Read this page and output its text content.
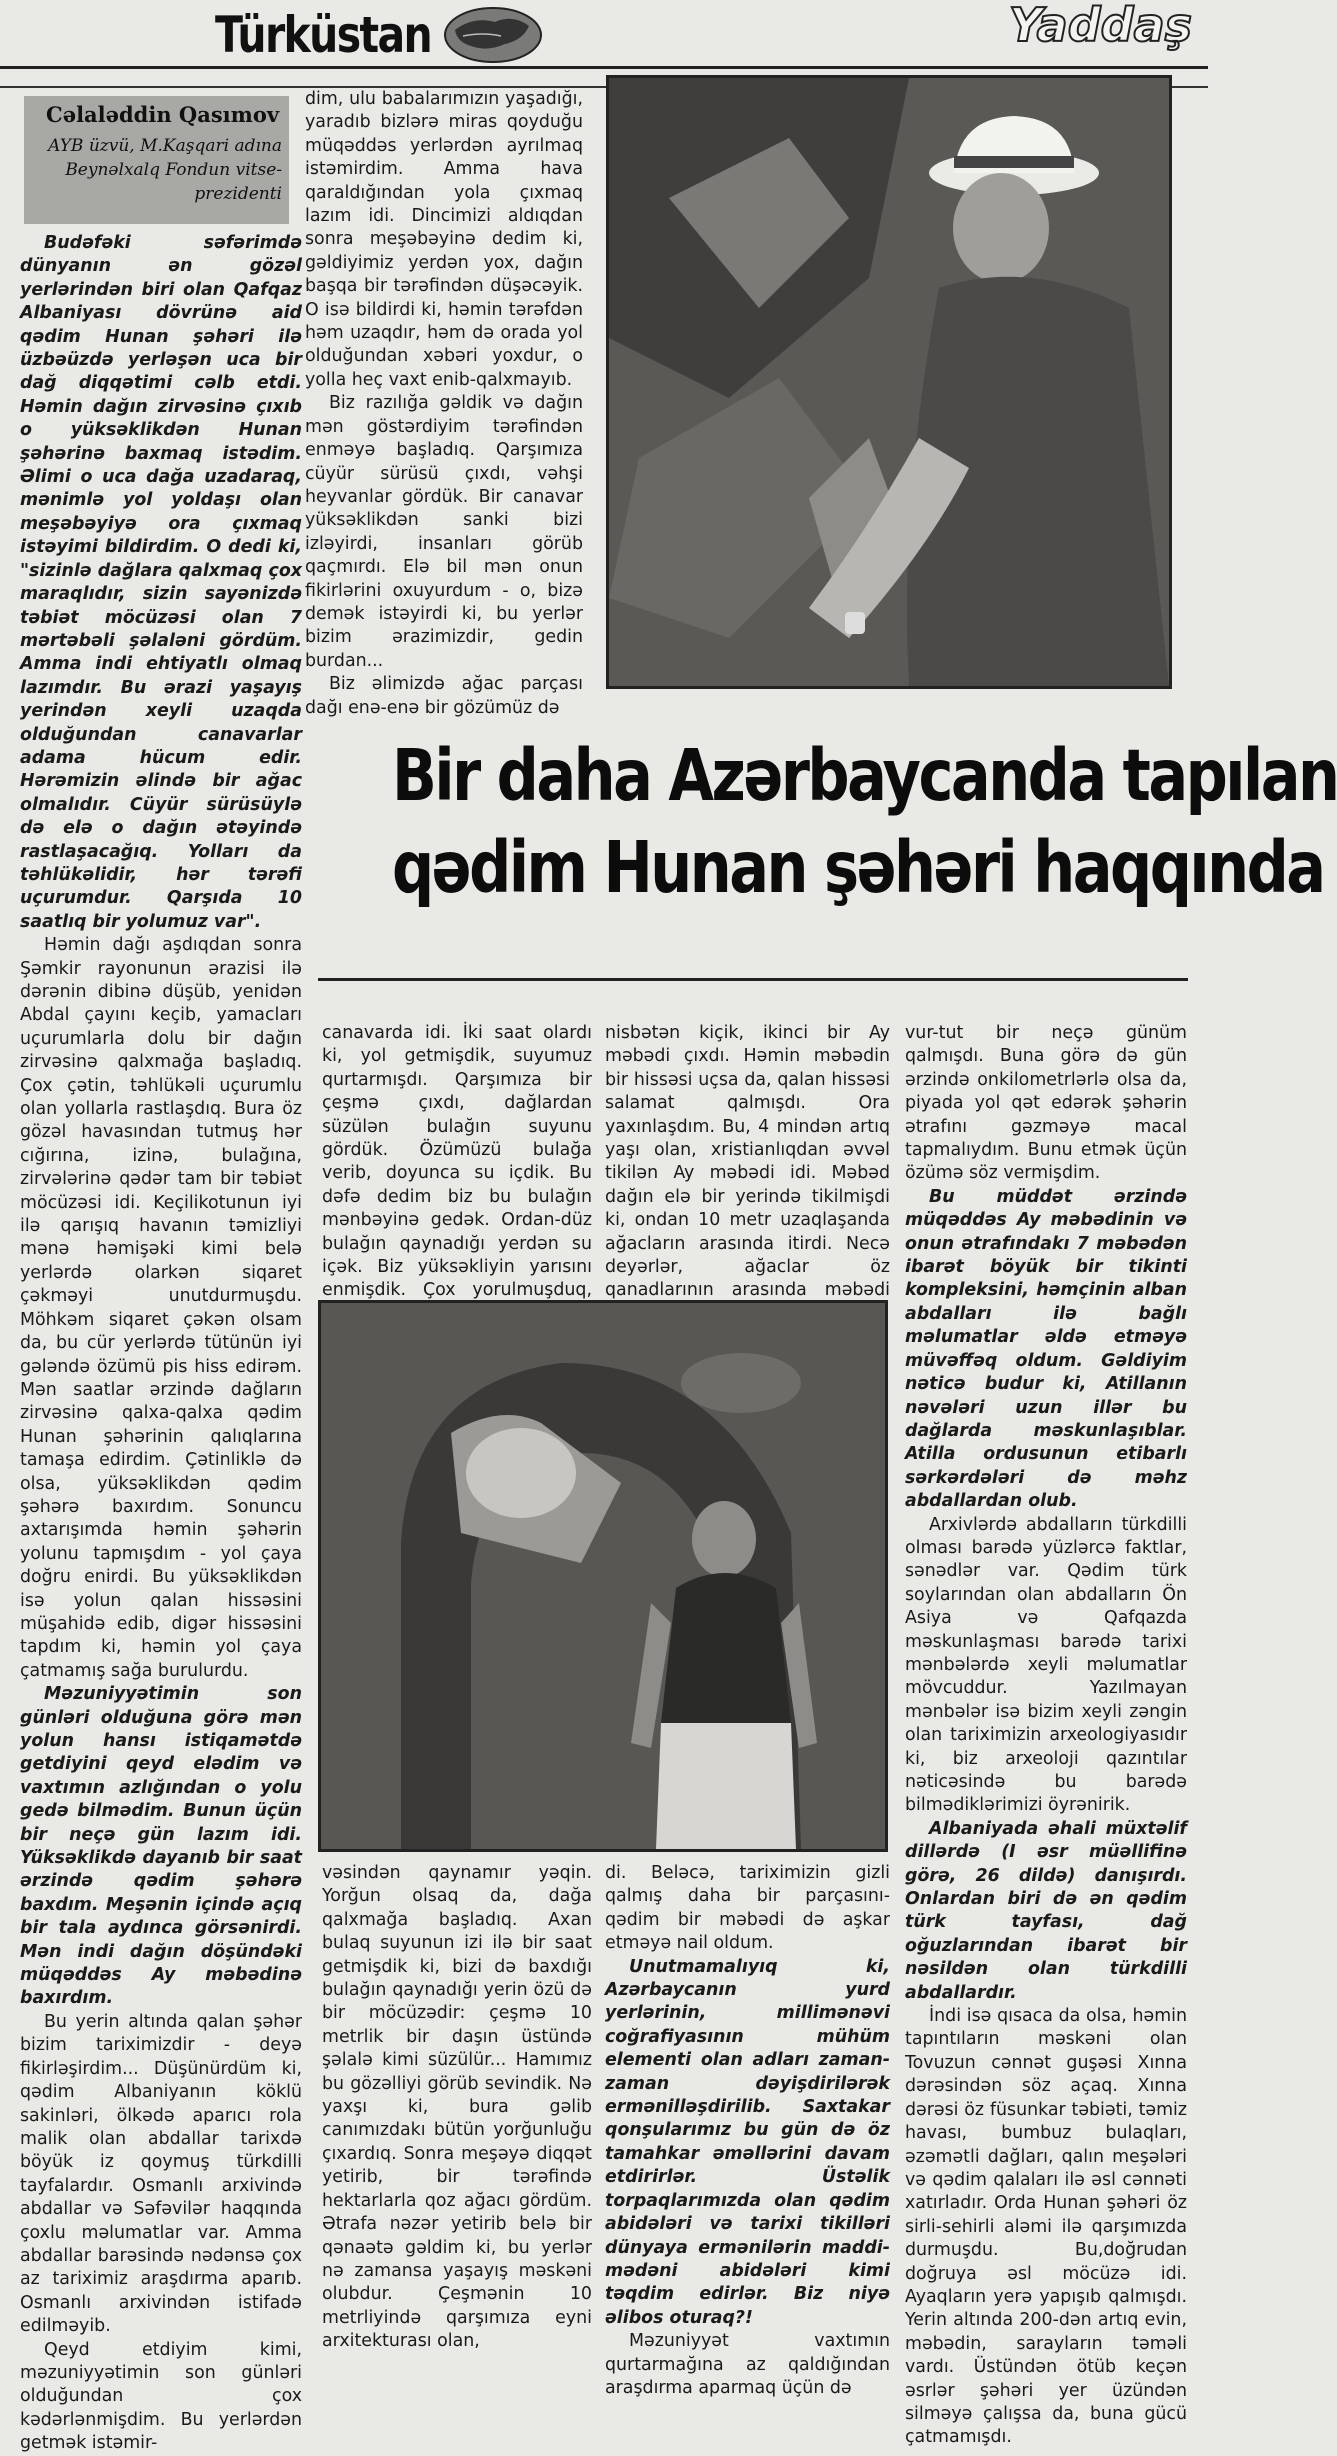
Türküstan	Yaddaş
Cəlaləddin Qasımov
AYB üzvü, M.Kaşqari adına Beynəlxalq Fondun vitse-prezidenti

Budəfəki səfərimdə dünyanın ən gözəl yerlərindən biri olan Qafqaz Albaniyası dövrünə aid qədim Hunan şəhəri ilə üzbəüzdə yerləşən uca bir dağ diqqətimi cəlb etdi. Həmin dağın zirvəsinə çıxıb o yüksəklikdən Hunan şəhərinə baxmaq istədim. Əlimi o uca dağa uzadaraq, mənimlə yol yoldaşı olan meşəbəyiyə ora çıxmaq istəyimi bildirdim. O dedi ki, "sizinlə dağlara qalxmaq çox maraqlıdır, sizin sayənizdə təbiət möcüzəsi olan 7 mərtəbəli şəlaləni gördüm. Amma indi ehtiyatlı olmaq lazımdır. Bu ərazi yaşayış yerindən xeyli uzaqda olduğundan canavarlar adama hücum edir. Hərəmizin əlində bir ağac olmalıdır. Cüyür sürüsüylə də elə o dağın ətəyində rastlaşacağıq. Yolları da təhlükəlidir, hər tərəfi uçurumdur. Qarşıda 10 saatlıq bir yolumuz var".

Həmin dağı aşdıqdan sonra Şəmkir rayonunun ərazisi ilə dərənin dibinə düşüb, yenidən Abdal çayını keçib, yamacları uçurumlarla dolu bir dağın zirvəsinə qalxmağa başladıq. Çox çətin, təhlükəli uçurumlu olan yollarla rastlaşdıq. Bura öz gözəl havasından tutmuş hər cığırına, izinə, bulağına, zirvələrinə qədər tam bir təbiət möcüzəsi idi. Keçilikotunun iyi ilə qarışıq havanın təmizliyi mənə həmişəki kimi belə yerlərdə olarkən siqaret çəkməyi unutdurmuşdu. Möhkəm siqaret çəkən olsam da, bu cür yerlərdə tütünün iyi gələndə özümü pis hiss edirəm. Mən saatlar ərzində dağların zirvəsinə qalxa-qalxa qədim Hunan şəhərinin qalıqlarına tamaşa edirdim. Çətinliklə də olsa, yüksəklikdən qədim şəhərə baxırdım. Sonuncu axtarışımda həmin şəhərin yolunu tapmışdım - yol çaya doğru enirdi. Bu yüksəklikdən isə yolun qalan hissəsini müşahidə edib, digər hissəsini tapdım ki, həmin yol çaya çatmamış sağa burulurdu.

Məzuniyyətimin son günləri olduğuna görə mən yolun hansı istiqamətdə getdiyini qeyd elədim və vaxtımın azlığından o yolu gedə bilmədim. Bunun üçün bir neçə gün lazım idi. Yüksəklikdə dayanıb bir saat ərzində qədim şəhərə baxdım. Meşənin içində açıq bir tala aydınca görsənirdi. Mən indi dağın döşündəki müqəddəs Ay məbədinə baxırdım.

Bu yerin altında qalan şəhər bizim tariximizdir - deyə fikirləşirdim... Düşünürdüm ki, qədim Albaniyanın köklü sakinləri, ölkədə aparıcı rola malik olan abdallar tarixdə böyük iz qoymuş türkdilli tayfalardır. Osmanlı arxivində abdallar və Səfəvilər haqqında çoxlu məlumatlar var. Amma abdallar barəsində nədənsə çox az tariximiz araşdırma aparıb. Osmanlı arxivindən istifadə edilməyib.

Qeyd etdiyim kimi, məzuniyyətimin son günləri olduğundan çox kədərlənmişdim. Bu yerlərdən getmək istəmir-

dim, ulu babalarımızın yaşadığı, yaradıb bizlərə miras qoyduğu müqəddəs yerlərdən ayrılmaq istəmirdim. Amma hava qaraldığından yola çıxmaq lazım idi. Dincimizi aldıqdan sonra meşəbəyinə dedim ki, gəldiyimiz yerdən yox, dağın başqa bir tərəfindən düşəcəyik. O isə bildirdi ki, həmin tərəfdən həm uzaqdır, həm də orada yol olduğundan xəbəri yoxdur, o yolla heç vaxt enib-qalxmayıb.

Biz razılığa gəldik və dağın mən göstərdiyim tərəfindən enməyə başladıq. Qarşımıza cüyür sürüsü çıxdı, vəhşi heyvanlar gördük. Bir canavar yüksəklikdən sanki bizi izləyirdi, insanları görüb qaçmırdı. Elə bil mən onun fikirlərini oxuyurdum - o, bizə demək istəyirdi ki, bu yerlər bizim ərazimizdir, gedin burdan...

Biz əlimizdə ağac parçası dağı enə-enə bir gözümüz də

Bir daha Azərbaycanda tapılan
qədim Hunan şəhəri haqqında

canavarda idi. İki saat olardı ki, yol getmişdik, suyumuz qurtarmışdı. Qarşımıza bir çeşmə çıxdı, dağlardan süzülən bulağın suyunu gördük. Özümüzü bulağa verib, doyunca su içdik. Bu dəfə dedim biz bu bulağın mənbəyinə gedək. Ordan-düz bulağın qaynadığı yerdən su içək. Biz yüksəkliyin yarısını enmişdik. Çox yorulmuşduq,

nisbətən kiçik, ikinci bir Ay məbədi çıxdı. Həmin məbədin bir hissəsi uçsa da, qalan hissəsi salamat qalmışdı. Ora yaxınlaşdım. Bu, 4 mindən artıq yaşı olan, xristianlıqdan əvvəl tikilən Ay məbədi idi. Məbəd dağın elə bir yerində tikilmişdi ki, ondan 10 metr uzaqlaşanda ağacların arasında itirdi. Necə deyərlər, ağaclar öz qanadlarının arasında məbədi

vur-tut bir neçə günüm qalmışdı. Buna görə də gün ərzində onkilometrlərlə olsa da, piyada yol qət edərək şəhərin ətrafını gəzməyə macal tapmalıydım. Bunu etmək üçün özümə söz vermişdim.

Bu müddət ərzində müqəddəs Ay məbədinin və onun ətrafındakı 7 məbədən ibarət böyük bir tikinti kompleksini, həmçinin alban abdalları ilə bağlı məlumatlar əldə etməyə müvəffəq oldum. Gəldiyim nəticə budur ki, Atillanın nəvələri uzun illər bu dağlarda məskunlaşıblar. Atilla ordusunun etibarlı sərkərdələri də məhz abdallardan olub.

Arxivlərdə abdalların türkdilli olması barədə yüzlərcə faktlar, sənədlər var. Qədim türk soylarından olan abdalların Ön Asiya və Qafqazda məskunlaşması barədə tarixi mənbələrdə xeyli məlumatlar mövcuddur. Yazılmayan mənbələr isə bizim xeyli zəngin olan tariximizin arxeologiyasıdır ki, biz arxeoloji qazıntılar nəticəsində bu barədə bilmədiklərimizi öyrənirik.

Albaniyada əhali müxtəlif dillərdə (I əsr müəllifinə görə, 26 dildə) danışırdı. Onlardan biri də ən qədim türk tayfası, dağ oğuzlarından ibarət bir nəsildən olan türkdilli abdallardır.

İndi isə qısaca da olsa, həmin tapıntıların məskəni olan Tovuzun cənnət guşəsi Xınna dərəsindən söz açaq. Xınna dərəsi öz füsunkar təbiəti, təmiz havası, bumbuz bulaqları, əzəmətli dağları, qalın meşələri və qədim qalaları ilə əsl cənnəti xatırladır. Orda Hunan şəhəri öz sirli-sehirli aləmi ilə qarşımızda durmuşdu. Bu,doğrudan doğruya əsl möcüzə idi. Ayaqların yerə yapışıb qalmışdı. Yerin altında 200-dən artıq evin, məbədin, sarayların təməli vardı. Üstündən ötüb keçən əsrlər şəhəri yer üzündən silməyə çalışsa da, buna gücü çatmamışdı.

vəsindən qaynamır yəqin. Yorğun olsaq da, dağa qalxmağa başladıq. Axan bulaq suyunun izi ilə bir saat getmişdik ki, bizi də baxdığı bulağın qaynadığı yerin özü də bir möcüzədir: çeşmə 10 metrlik bir daşın üstündə şəlalə kimi süzülür... Hamımız bu gözəlliyi görüb sevindik. Nə yaxşı ki, bura gəlib canımızdakı bütün yorğunluğu çıxardıq. Sonra meşəyə diqqət yetirib, bir tərəfində hektarlarla qoz ağacı gördüm. Ətrafa nəzər yetirib belə bir qənaətə gəldim ki, bu yerlər nə zamansa yaşayış məskəni olubdur. Çeşmənin 10 metrliyində qarşımıza eyni arxitekturası olan,

di. Beləcə, tariximizin gizli qalmış daha bir parçasını- qədim bir məbədi də aşkar etməyə nail oldum.

Unutmamalıyıq ki, Azərbaycanın yurd yerlərinin, millimənəvi coğrafiyasının mühüm elementi olan adları zaman-zaman dəyişdirilərək ermənilləşdirilib. Saxtakar qonşularımız bu gün də öz tamahkar əməllərini davam etdirirlər. Üstəlik torpaqlarımızda olan qədim abidələri və tarixi tikilləri dünyaya ermənilərin maddi-mədəni abidələri kimi təqdim edirlər. Biz niyə əlibos oturaq?!

Məzuniyyət vaxtımın qurtarmağına az qaldığından araşdırma aparmaq üçün də
